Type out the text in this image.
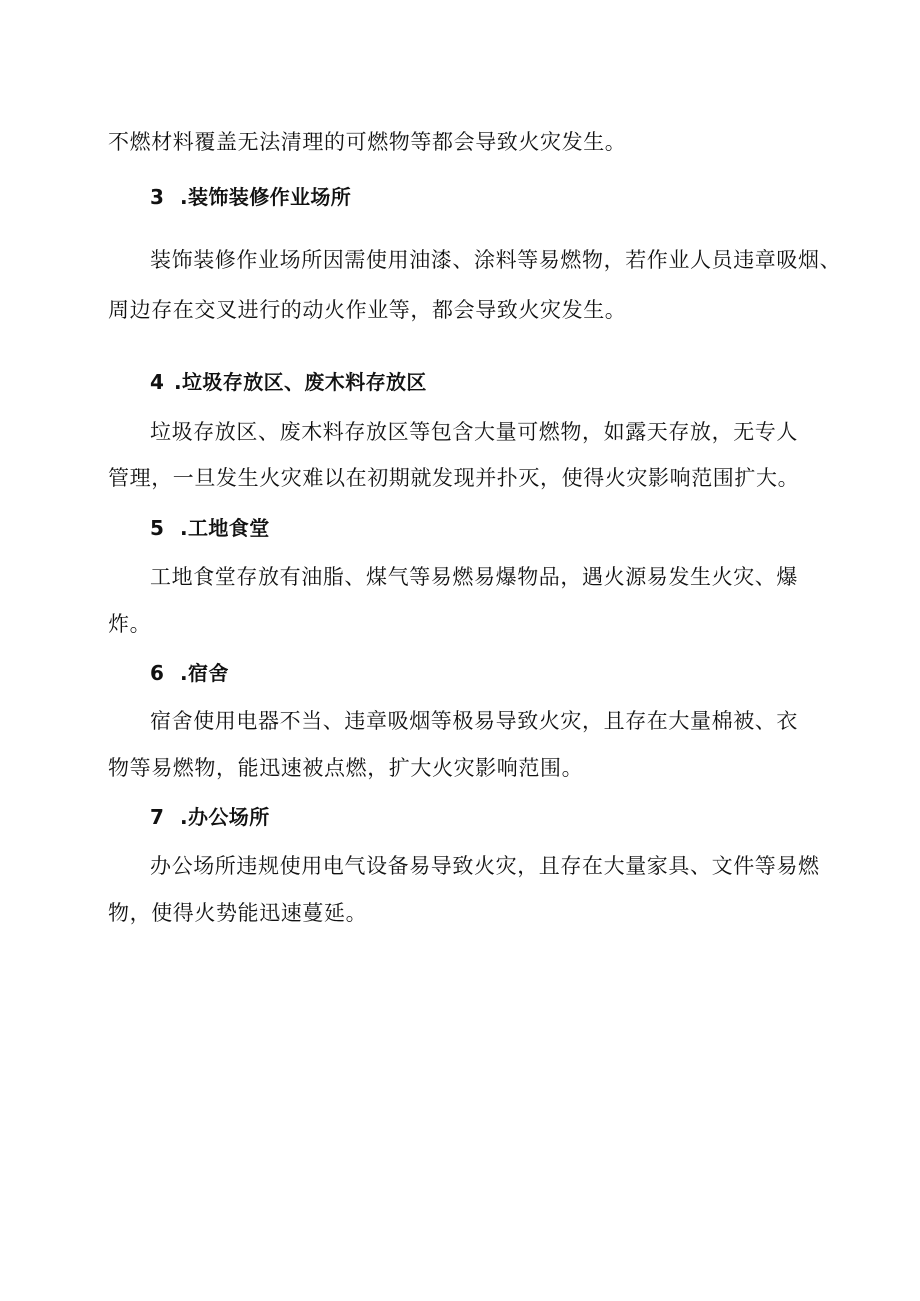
不燃材料覆盖无法清理的可燃物等都会导致火灾发生。
3 .装饰装修作业场所
装饰装修作业场所因需使用油漆、涂料等易燃物，若作业人员违章吸烟、
周边存在交叉进行的动火作业等，都会导致火灾发生。
4 .垃圾存放区、废木料存放区
垃圾存放区、废木料存放区等包含大量可燃物，如露天存放，无专人
管理，一旦发生火灾难以在初期就发现并扑灭，使得火灾影响范围扩大。
5 .工地食堂
工地食堂存放有油脂、煤气等易燃易爆物品，遇火源易发生火灾、爆
炸。
6 .宿舍
宿舍使用电器不当、违章吸烟等极易导致火灾，且存在大量棉被、衣
物等易燃物，能迅速被点燃，扩大火灾影响范围。
7 .办公场所
办公场所违规使用电气设备易导致火灾，且存在大量家具、文件等易燃
物，使得火势能迅速蔓延。
